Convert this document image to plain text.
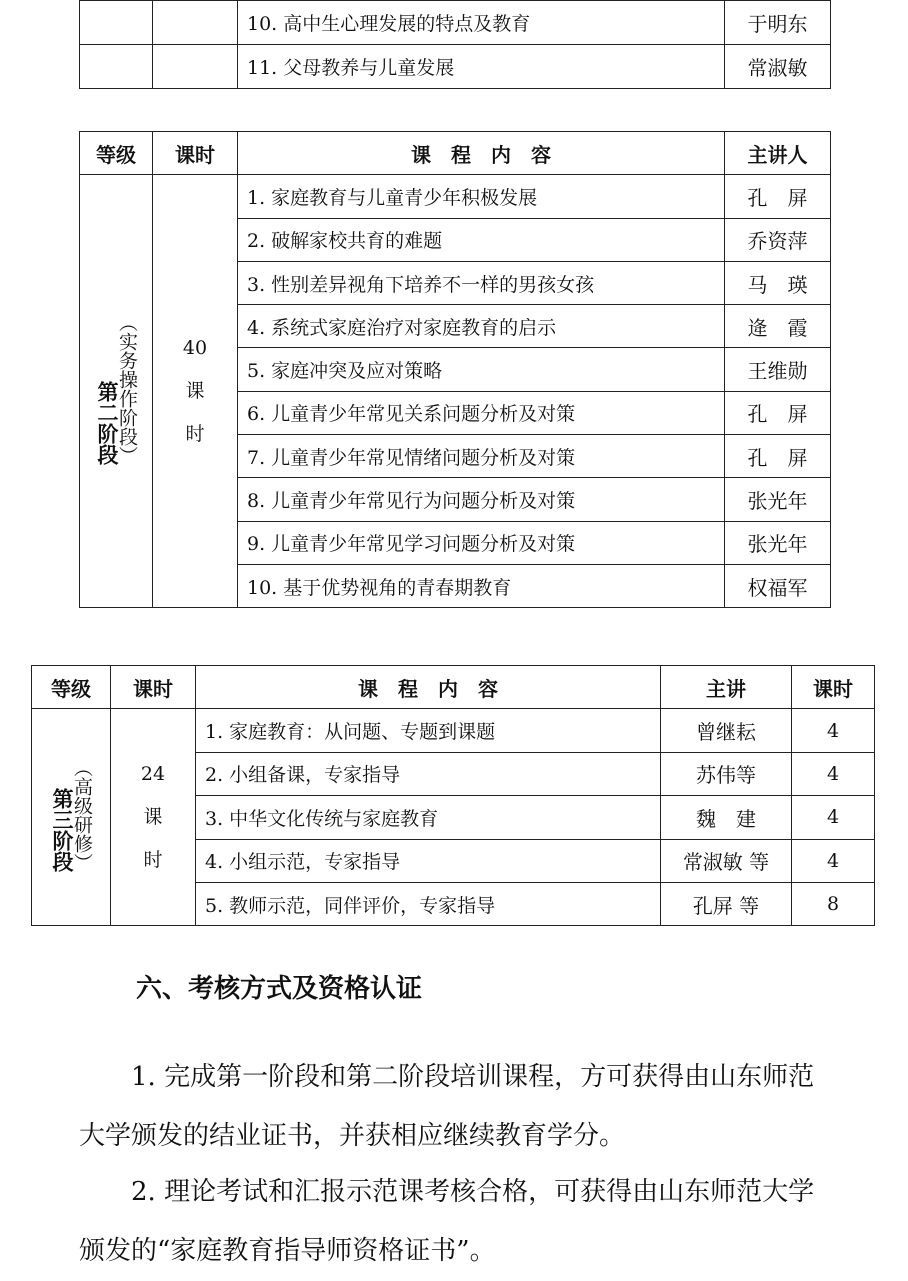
		10. 高中生心理发展的特点及教育	于明东
		11. 父母教养与儿童发展	常淑敏
等级	课时	课　程　内　容	主讲人
第二阶段（实务操作阶段）	40
课
时	1. 家庭教育与儿童青少年积极发展	孔　屏
		2. 破解家校共育的难题	乔资萍
		3. 性别差异视角下培养不一样的男孩女孩	马　瑛
		4. 系统式家庭治疗对家庭教育的启示	逄　霞
		5. 家庭冲突及应对策略	王维勋
		6. 儿童青少年常见关系问题分析及对策	孔　屏
		7. 儿童青少年常见情绪问题分析及对策	孔　屏
		8. 儿童青少年常见行为问题分析及对策	张光年
		9. 儿童青少年常见学习问题分析及对策	张光年
		10. 基于优势视角的青春期教育	权福军
等级	课时	课　程　内　容	主讲	课时
第三阶段（高级研修）	24
课
时	1. 家庭教育：从问题、专题到课题	曾继耘	4
		2. 小组备课，专家指导	苏伟等	4
		3. 中华文化传统与家庭教育	魏　建	4
		4. 小组示范，专家指导	常淑敏 等	4
		5. 教师示范，同伴评价，专家指导	孔屏 等	8
六、考核方式及资格认证

1. 完成第一阶段和第二阶段培训课程，方可获得由山东师范大学颁发的结业证书，并获相应继续教育学分。

2. 理论考试和汇报示范课考核合格，可获得由山东师范大学颁发的“家庭教育指导师资格证书”。
